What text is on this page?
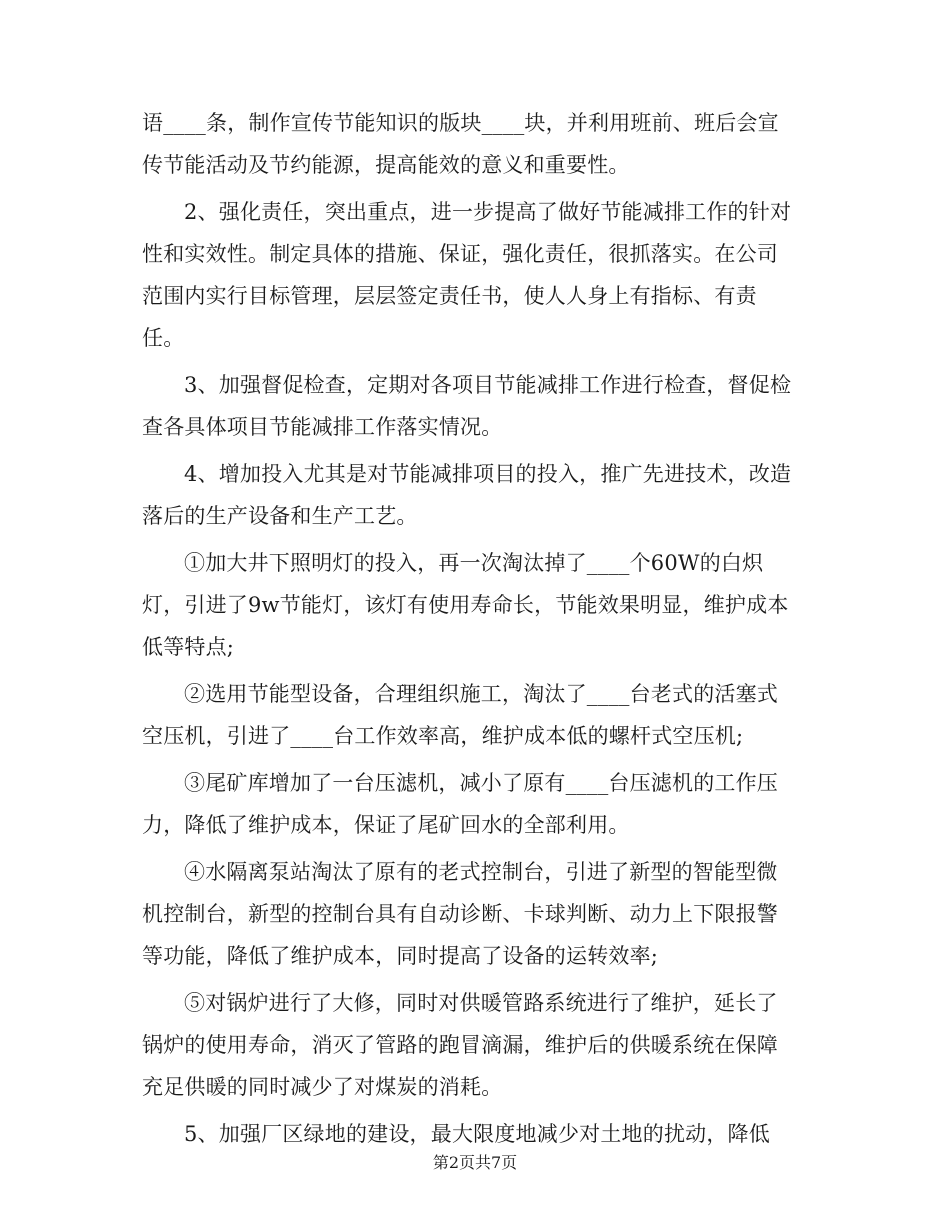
语____条，制作宣传节能知识的版块____块，并利用班前、班后会宣
传节能活动及节约能源，提高能效的意义和重要性。
2、强化责任，突出重点，进一步提高了做好节能减排工作的针对
性和实效性。制定具体的措施、保证，强化责任，很抓落实。在公司
范围内实行目标管理，层层签定责任书，使人人身上有指标、有责
任。
3、加强督促检查，定期对各项目节能减排工作进行检查，督促检
查各具体项目节能减排工作落实情况。
4、增加投入尤其是对节能减排项目的投入，推广先进技术，改造
落后的生产设备和生产工艺。
①加大井下照明灯的投入，再一次淘汰掉了____个60W的白炽
灯，引进了9w节能灯，该灯有使用寿命长，节能效果明显，维护成本
低等特点;
②选用节能型设备，合理组织施工，淘汰了____台老式的活塞式
空压机，引进了____台工作效率高，维护成本低的螺杆式空压机;
③尾矿库增加了一台压滤机，减小了原有____台压滤机的工作压
力，降低了维护成本，保证了尾矿回水的全部利用。
④水隔离泵站淘汰了原有的老式控制台，引进了新型的智能型微
机控制台，新型的控制台具有自动诊断、卡球判断、动力上下限报警
等功能，降低了维护成本，同时提高了设备的运转效率;
⑤对锅炉进行了大修，同时对供暖管路系统进行了维护，延长了
锅炉的使用寿命，消灭了管路的跑冒滴漏，维护后的供暖系统在保障
充足供暖的同时减少了对煤炭的消耗。
5、加强厂区绿地的建设，最大限度地减少对土地的扰动，降低
第2页共7页
